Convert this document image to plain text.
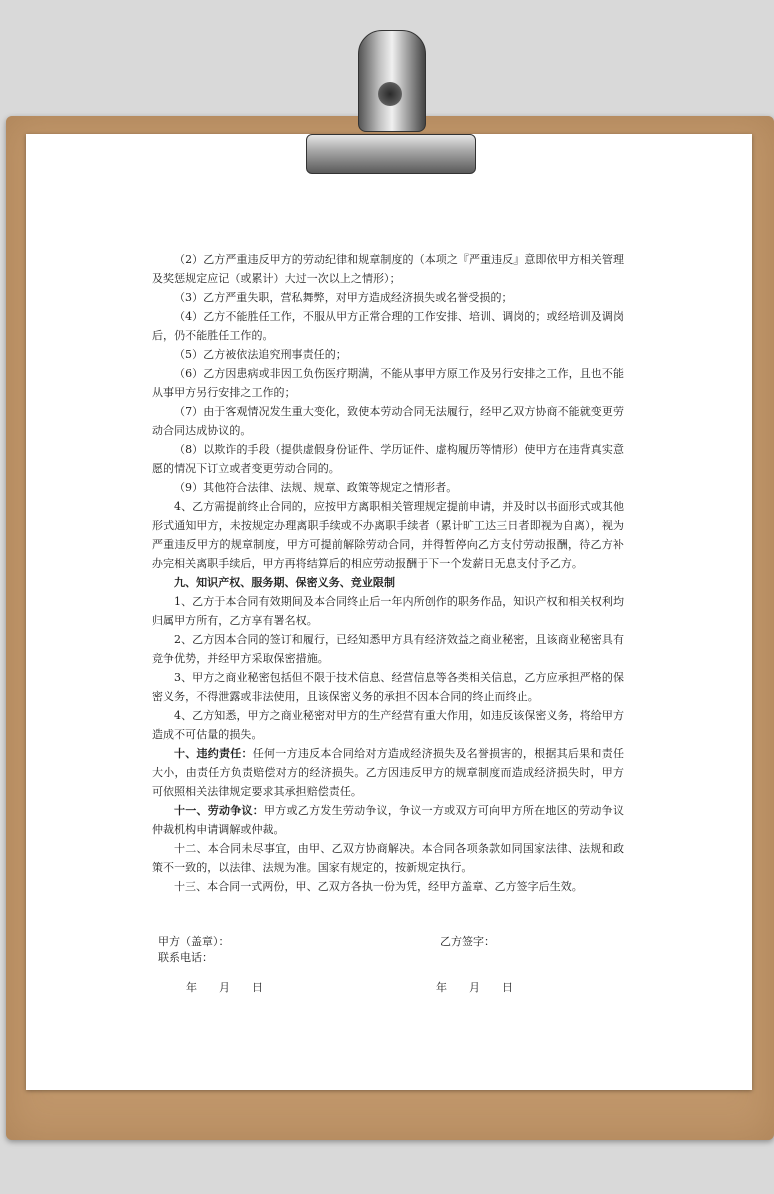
（2）乙方严重违反甲方的劳动纪律和规章制度的（本项之『严重违反』意即依甲方相关管理及奖惩规定应记（或累计）大过一次以上之情形）；

（3）乙方严重失职，营私舞弊，对甲方造成经济损失或名誉受损的；

（4）乙方不能胜任工作，不服从甲方正常合理的工作安排、培训、调岗的；或经培训及调岗后，仍不能胜任工作的。

（5）乙方被依法追究刑事责任的；

（6）乙方因患病或非因工负伤医疗期满，不能从事甲方原工作及另行安排之工作，且也不能从事甲方另行安排之工作的；

（7）由于客观情况发生重大变化，致使本劳动合同无法履行，经甲乙双方协商不能就变更劳动合同达成协议的。

（8）以欺诈的手段（提供虚假身份证件、学历证件、虚构履历等情形）使甲方在违背真实意愿的情况下订立或者变更劳动合同的。

（9）其他符合法律、法规、规章、政策等规定之情形者。

4、乙方需提前终止合同的，应按甲方离职相关管理规定提前申请，并及时以书面形式或其他形式通知甲方，未按规定办理离职手续或不办离职手续者（累计旷工达三日者即视为自离），视为严重违反甲方的规章制度，甲方可提前解除劳动合同，并得暂停向乙方支付劳动报酬，待乙方补办完相关离职手续后，甲方再将结算后的相应劳动报酬于下一个发薪日无息支付予乙方。

九、知识产权、服务期、保密义务、竞业限制

1、乙方于本合同有效期间及本合同终止后一年内所创作的职务作品，知识产权和相关权利均归属甲方所有，乙方享有署名权。

2、乙方因本合同的签订和履行，已经知悉甲方具有经济效益之商业秘密，且该商业秘密具有竞争优势，并经甲方采取保密措施。

3、甲方之商业秘密包括但不限于技术信息、经营信息等各类相关信息，乙方应承担严格的保密义务，不得泄露或非法使用，且该保密义务的承担不因本合同的终止而终止。

4、乙方知悉，甲方之商业秘密对甲方的生产经营有重大作用，如违反该保密义务，将给甲方造成不可估量的损失。

十、违约责任：任何一方违反本合同给对方造成经济损失及名誉损害的，根据其后果和责任大小，由责任方负责赔偿对方的经济损失。乙方因违反甲方的规章制度而造成经济损失时，甲方可依照相关法律规定要求其承担赔偿责任。

十一、劳动争议：甲方或乙方发生劳动争议，争议一方或双方可向甲方所在地区的劳动争议仲裁机构申请调解或仲裁。

十二、本合同未尽事宜，由甲、乙双方协商解决。本合同各项条款如同国家法律、法规和政策不一致的，以法律、法规为准。国家有规定的，按新规定执行。

十三、本合同一式两份，甲、乙双方各执一份为凭，经甲方盖章、乙方签字后生效。

甲方（盖章）：
联系电话：
乙方签字：
年　　月　　日	年　　月　　日
